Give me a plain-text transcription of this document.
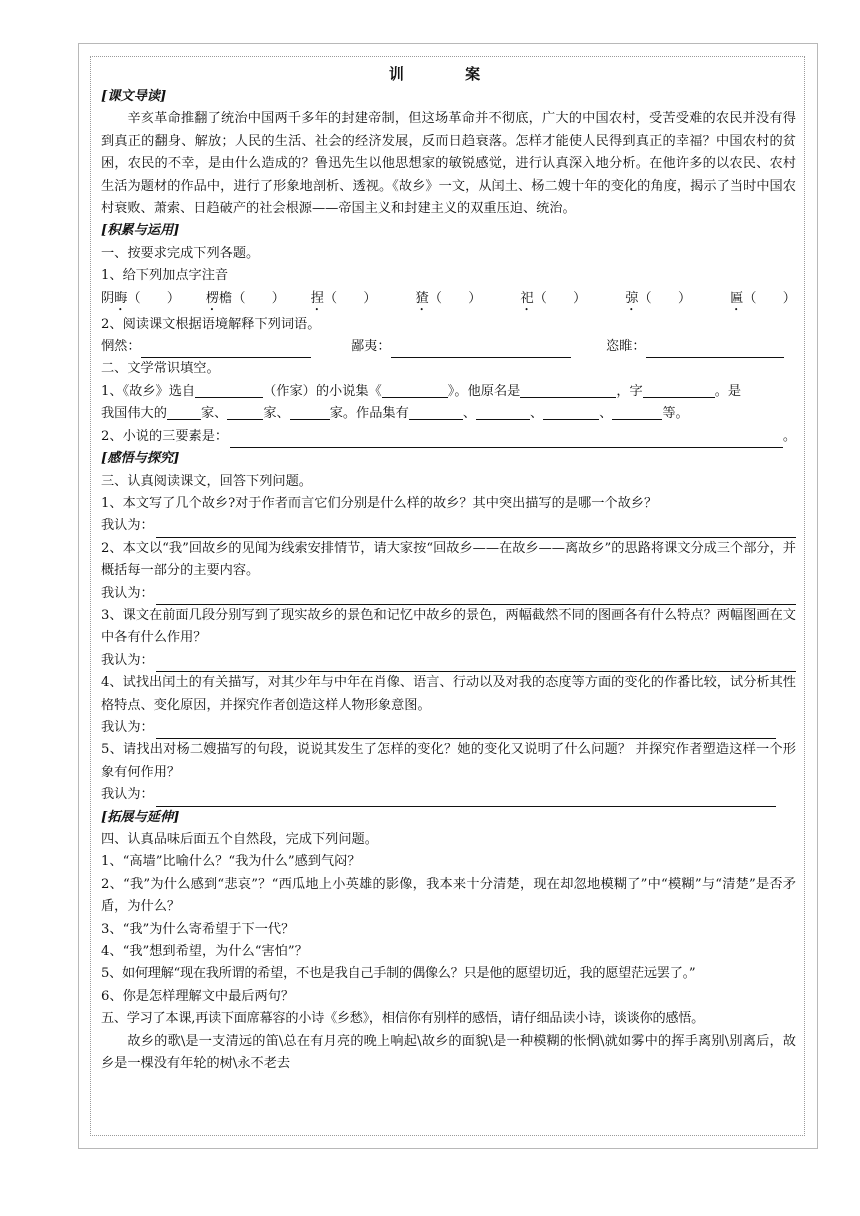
训 案
[课文导读]
辛亥革命推翻了统治中国两千多年的封建帝制，但这场革命并不彻底，广大的中国农村，受苦受难的农民并没有得到真正的翻身、解放；人民的生活、社会的经济发展，反而日趋衰落。怎样才能使人民得到真正的幸福？中国农村的贫困，农民的不幸，是由什么造成的？鲁迅先生以他思想家的敏锐感觉，进行认真深入地分析。在他许多的以农民、农村生活为题材的作品中，进行了形象地剖析、透视。《故乡》一文，从闰土、杨二嫂十年的变化的角度，揭示了当时中国农村衰败、萧索、日趋破产的社会根源——帝国主义和封建主义的双重压迫、统治。
[积累与运用]
一、按要求完成下列各题。
1、给下列加点字注音
阴晦（　　）	楞檐（　　）	捏（　　）	猹（　　）	祀（　　）	弶（　　）	匾（　　）
2、阅读课文根据语境解释下列词语。
惘然：	鄙夷：	恣睢：
二、文学常识填空。
1、《故乡》选自	（作家）的小说集《	》。他原名是	，字	。是
我国伟大的	家、	家、	家。作品集有	、	、	、	等。
2、小说的三要素是：	。
[感悟与探究]
三、认真阅读课文，回答下列问题。
1、本文写了几个故乡?对于作者而言它们分别是什么样的故乡？其中突出描写的是哪一个故乡？
我认为：
2、本文以“我”回故乡的见闻为线索安排情节，请大家按“回故乡——在故乡——离故乡”的思路将课文分成三个部分，并概括每一部分的主要内容。
我认为：
3、课文在前面几段分别写到了现实故乡的景色和记忆中故乡的景色，两幅截然不同的图画各有什么特点？两幅图画在文中各有什么作用？
我认为：
4、试找出闰土的有关描写，对其少年与中年在肖像、语言、行动以及对我的态度等方面的变化的作番比较，试分析其性格特点、变化原因，并探究作者创造这样人物形象意图。
我认为：
5、请找出对杨二嫂描写的句段，说说其发生了怎样的变化？她的变化又说明了什么问题？ 并探究作者塑造这样一个形象有何作用？
我认为：
[拓展与延伸]
四、认真品味后面五个自然段，完成下列问题。
1、“高墙”比喻什么？“我为什么”感到气闷？
2、“我”为什么感到“悲哀”？“西瓜地上小英雄的影像，我本来十分清楚，现在却忽地模糊了”中“模糊”与“清楚”是否矛盾，为什么？
3、“我”为什么寄希望于下一代？
4、“我”想到希望，为什么“害怕”？
5、如何理解“现在我所谓的希望，不也是我自己手制的偶像么？只是他的愿望切近，我的愿望茫远罢了。”
6、你是怎样理解文中最后两句？
五、学习了本课,再读下面席幕容的小诗《乡愁》，相信你有别样的感悟，请仔细品读小诗，谈谈你的感悟。
故乡的歌\是一支清远的笛\总在有月亮的晚上响起\故乡的面貌\是一种模糊的怅惘\就如雾中的挥手离别\别离后，故乡是一棵没有年轮的树\永不老去
